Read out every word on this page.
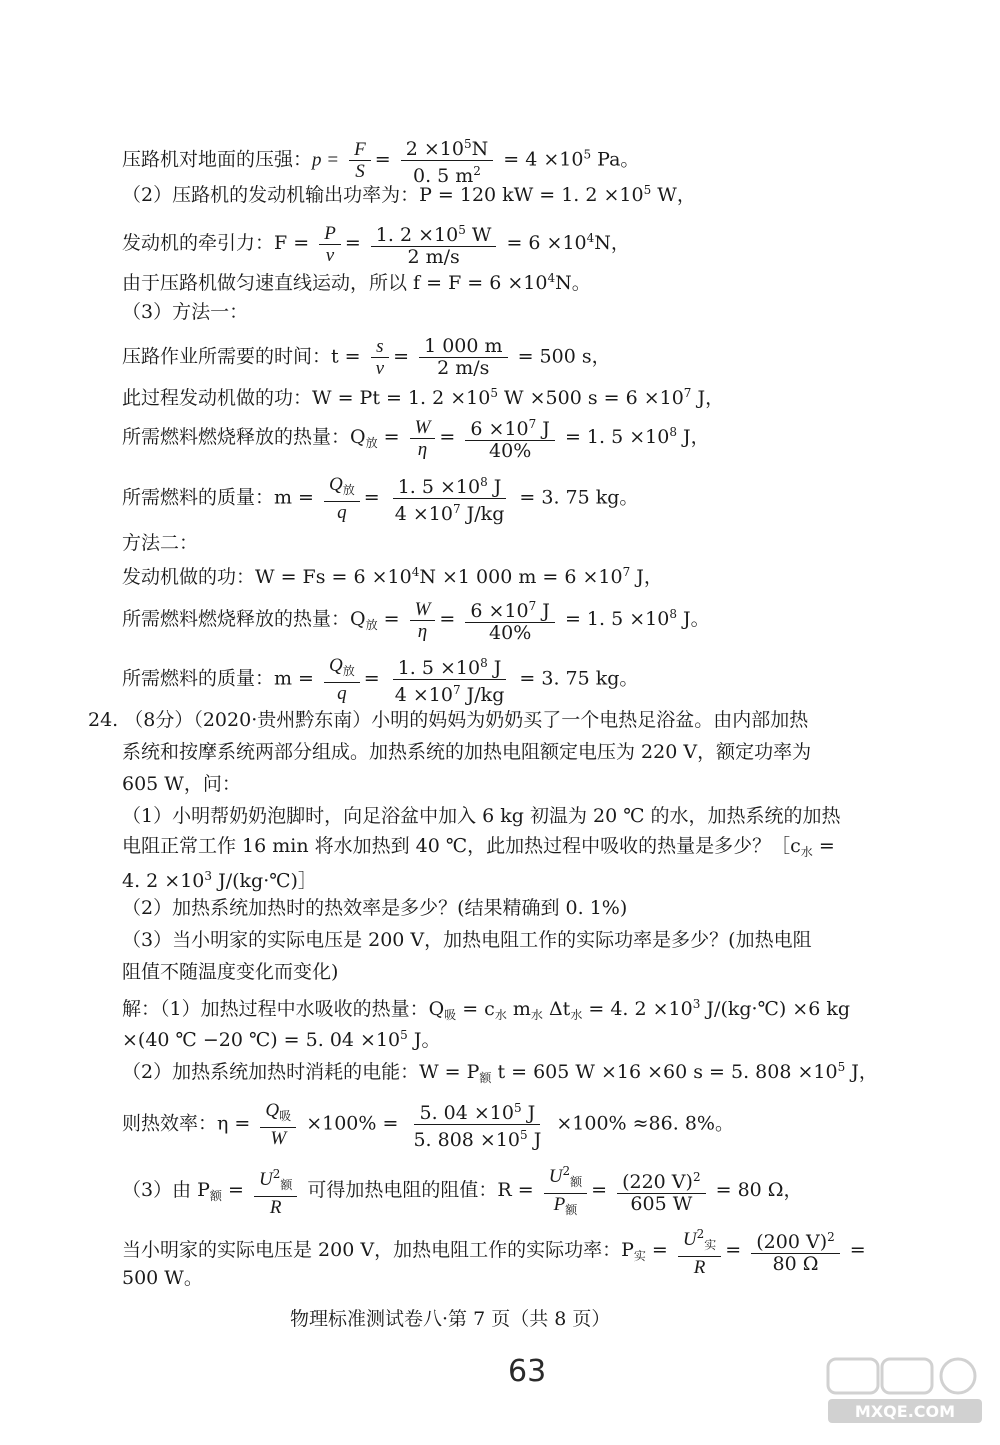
压路机对地面的压强：$p = \frac{F}{S} = \frac{2 \times 10^5N}{0. 5 m^2} = 4 \times 10^5$ Pa。
（2）压路机的发动机输出功率为：P = 120 kW = 1. $2 \times 10^5$ W，
发动机的牵引力：$F = \frac{P}{v} = \frac{1. 2 \times 10^5 W}{2 m/s} = 6 \times 10^4N$，
由于压路机做匀速直线运动，所以 $f = F = 6 \times 10^4N$。
（3）方法一：
压路作业所需要的时间：$t = \frac{s}{v} = \frac{1 000 m}{2 m/s} = 500$ s，
此过程发动机做的功：W = Pt = 1. $2 \times 10^5$ W ×500 $s = 6 \times 10^7$ J，
所需燃料燃烧释放的热量：$Q_放 = \frac{W}{\eta} = \frac{6 \times 10^7 J}{40\%} = 1$. $5 \times 10^8$ J，
所需燃料的质量：$m = \frac{Q_放}{q} = \frac{1. 5 \times 10^8 J}{4 \times 10^7 J/kg} = 3$. 75 kg。
方法二：
发动机做的功：$W = Fs = 6 \times 10^4N \times 1$ 000 $m = 6 \times 10^7$ J，
所需燃料燃烧释放的热量：$Q_放 = \frac{W}{\eta} = \frac{6 \times 10^7 J}{40\%} = 1$. $5 \times 10^8$ J。
所需燃料的质量：$m = \frac{Q_放}{q} = \frac{1. 5 \times 10^8 J}{4 \times 10^7 J/kg} = 3$. 75 kg。
24. （8分）（2020·贵州黔东南）小明的妈妈为奶奶买了一个电热足浴盆。由内部加热
系统和按摩系统两部分组成。加热系统的加热电阻额定电压为 220 V，额定功率为
605 W，问：
（1）小明帮奶奶泡脚时，向足浴盆中加入 6 kg 初温为 20 ℃ 的水，加热系统的加热
电阻正常工作 16 min 将水加热到 40 ℃，此加热过程中吸收的热量是多少？$[c_水$ =
4. $2 \times 10^3$ J/(kg·℃)］
（2）加热系统加热时的热效率是多少？(结果精确到 0. 1%)
（3）当小明家的实际电压是 200 V，加热电阻工作的实际功率是多少？(加热电阻
阻值不随温度变化而变化)
解：（1）加热过程中水吸收的热量：$Q_吸 = c_水$ $m_水$ $\Delta t_水 = 4$. $2 \times 10^3$ J/(kg·℃) ×6 kg
×(40 ℃ −20 ℃) = 5. $04 \times 10^5$ J。
（2）加热系统加热时消耗的电能：$W = P_额$ t = 605 W ×16 ×60 s = 5. $808 \times 10^5$ J，
则热效率：$\eta = \frac{Q_吸}{W} \times 100\% = \frac{5. 04 \times 10^5 J}{5. 808 \times 10^5 J} \times 100\% \approx 86$. 8%。
（3）由 $P_额 = \frac{U^2_额}{R}$ 可得加热电阻的阻值：$R = \frac{U^2_额}{P_额} = \frac{(220 V)^2}{605 W} = 80$ Ω，
当小明家的实际电压是 200 V，加热电阻工作的实际功率：$P_实 = \frac{U^2_实}{R} = \frac{(200 V)^2}{80 \Omega}$ =
500 W。
物理标准测试卷八·第 7 页（共 8 页）
63
MXQE.COM
